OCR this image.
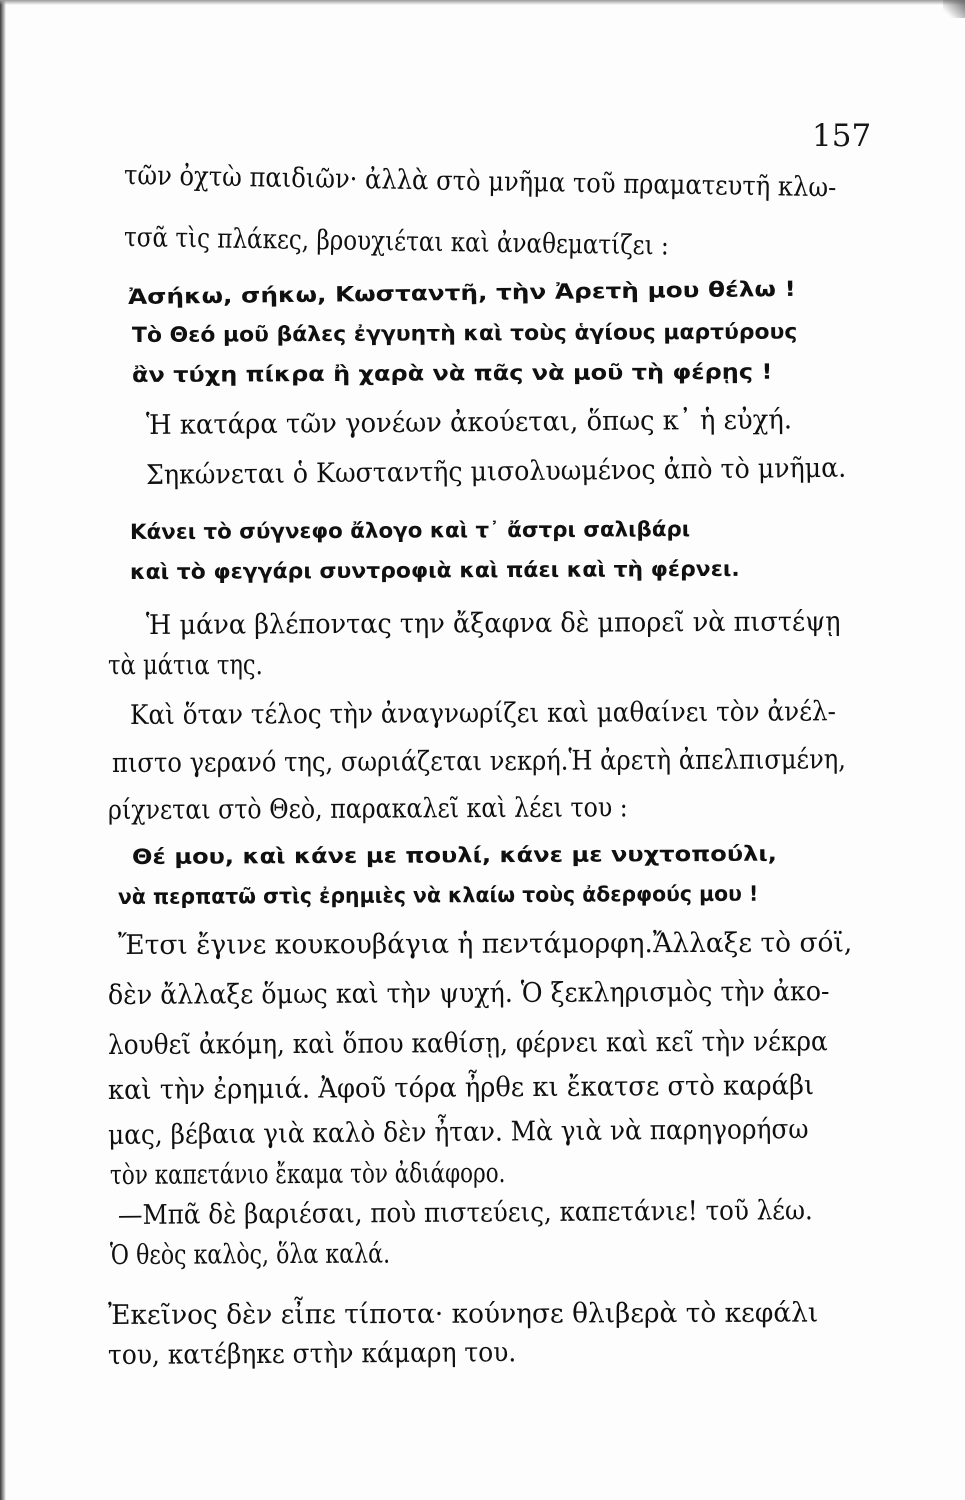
157
τῶν ὀχτὼ παιδιῶν· ἀλλὰ στὸ μνῆμα τοῦ πραματευτῆ κλω-
τσᾶ τὶς πλάκες, βρουχιέται καὶ ἀναθεματίζει :
Ἀσήκω, σήκω, Κωσταντῆ, τὴν Ἀρετὴ μου θέλω !
Τὸ Θεό μοῦ βάλες ἐγγυητὴ καὶ τοὺς ἁγίους μαρτύρους
ἂν τύχη πίκρα ἢ χαρὰ νὰ πᾶς νὰ μοῦ τὴ φέρῃς !
Ἡ κατάρα τῶν γονέων ἀκούεται, ὅπως κ᾽ ἡ εὐχή.
Σηκώνεται ὁ Κωσταντῆς μισολυωμένος ἀπὸ τὸ μνῆμα.
Κάνει τὸ σύγνεφο ἄλογο καὶ τ᾽ ἄστρι σαλιβάρι
καὶ τὸ φεγγάρι συντροφιὰ καὶ πάει καὶ τὴ φέρνει.
Ἡ μάνα βλέποντας την ἄξαφνα δὲ μπορεῖ νὰ πιστέψῃ
τὰ μάτια της.
Καὶ ὅταν τέλος τὴν ἀναγνωρίζει καὶ μαθαίνει τὸν ἀνέλ-
πιστο γερανό της, σωριάζεται νεκρή.Ἡ ἀρετὴ ἀπελπισμένη,
ρίχνεται στὸ Θεὸ, παρακαλεῖ καὶ λέει του :
Θέ μου, καὶ κάνε με πουλί, κάνε με νυχτοπούλι,
νὰ περπατῶ στὶς ἐρημιὲς νὰ κλαίω τοὺς ἀδερφούς μου !
Ἔτσι ἔγινε κουκουβάγια ἡ πεντάμορφη.Ἄλλαξε τὸ σόϊ,
δὲν ἄλλαξε ὅμως καὶ τὴν ψυχή. Ὁ ξεκληρισμὸς τὴν ἀκο-
λουθεῖ ἀκόμη, καὶ ὅπου καθίσῃ, φέρνει καὶ κεῖ τὴν νέκρα
καὶ τὴν ἐρημιά. Ἀφοῦ τόρα ἦρθε κι ἔκατσε στὸ καράβι
μας, βέβαια γιὰ καλὸ δὲν ἦταν. Μὰ γιὰ νὰ παρηγορήσω
τὸν καπετάνιο ἔκαμα τὸν ἀδιάφορο.
—Μπᾶ δὲ βαριέσαι, ποὺ πιστεύεις, καπετάνιε! τοῦ λέω.
Ὁ θεὸς καλὸς, ὅλα καλά.
Ἐκεῖνος δὲν εἶπε τίποτα· κούνησε θλιβερὰ τὸ κεφάλι
του, κατέβηκε στὴν κάμαρη του.
